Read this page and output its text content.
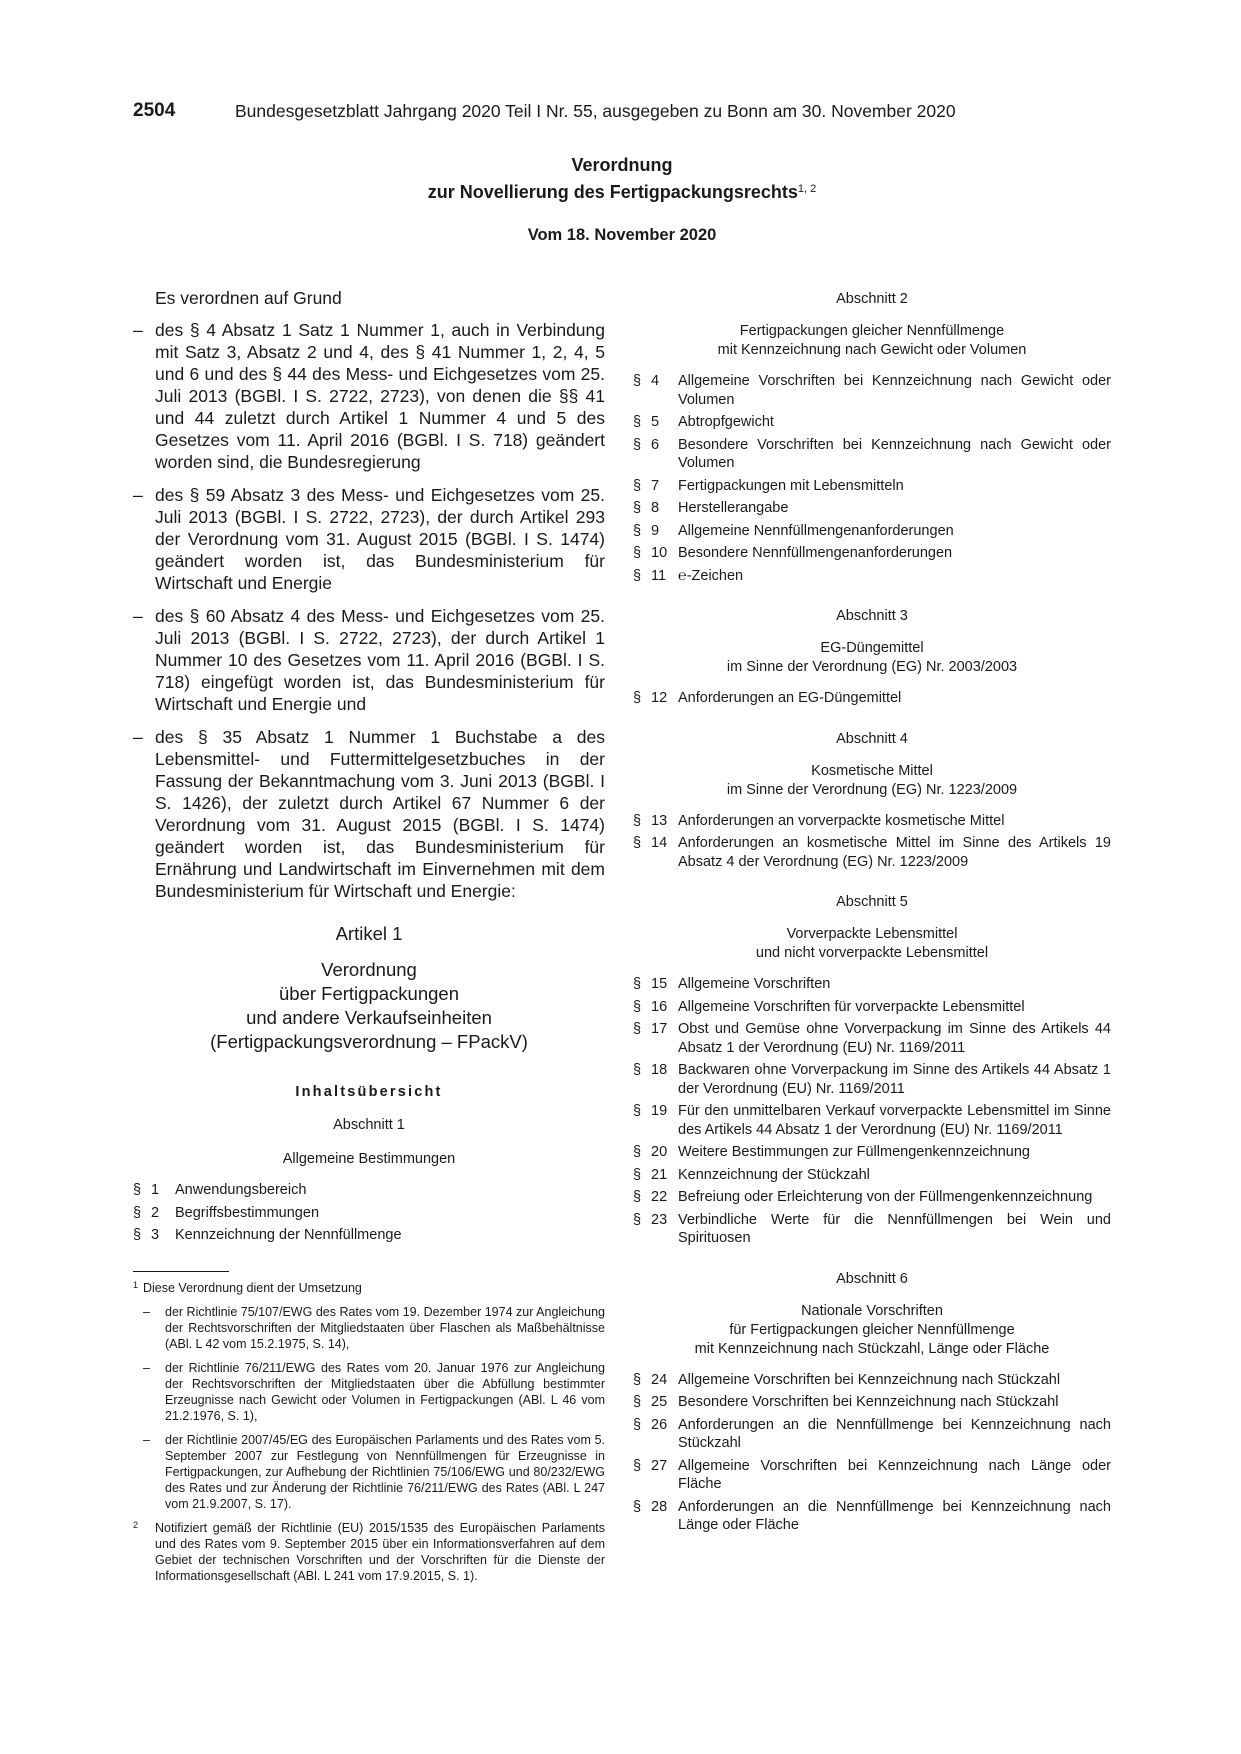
2504	Bundesgesetzblatt Jahrgang 2020 Teil I Nr. 55, ausgegeben zu Bonn am 30. November 2020
Verordnung
zur Novellierung des Fertigpackungsrechts$^{1, 2}$
Vom 18. November 2020
Es verordnen auf Grund
– des § 4 Absatz 1 Satz 1 Nummer 1, auch in Verbindung mit Satz 3, Absatz 2 und 4, des § 41 Nummer 1, 2, 4, 5 und 6 und des § 44 des Mess- und Eichgesetzes vom 25. Juli 2013 (BGBl. I S. 2722, 2723), von denen die §§ 41 und 44 zuletzt durch Artikel 1 Nummer 4 und 5 des Gesetzes vom 11. April 2016 (BGBl. I S. 718) geändert worden sind, die Bundesregierung
– des § 59 Absatz 3 des Mess- und Eichgesetzes vom 25. Juli 2013 (BGBl. I S. 2722, 2723), der durch Artikel 293 der Verordnung vom 31. August 2015 (BGBl. I S. 1474) geändert worden ist, das Bundesministerium für Wirtschaft und Energie
– des § 60 Absatz 4 des Mess- und Eichgesetzes vom 25. Juli 2013 (BGBl. I S. 2722, 2723), der durch Artikel 1 Nummer 10 des Gesetzes vom 11. April 2016 (BGBl. I S. 718) eingefügt worden ist, das Bundesministerium für Wirtschaft und Energie und
– des § 35 Absatz 1 Nummer 1 Buchstabe a des Lebensmittel- und Futtermittelgesetzbuches in der Fassung der Bekanntmachung vom 3. Juni 2013 (BGBl. I S. 1426), der zuletzt durch Artikel 67 Nummer 6 der Verordnung vom 31. August 2015 (BGBl. I S. 1474) geändert worden ist, das Bundesministerium für Ernährung und Landwirtschaft im Einvernehmen mit dem Bundesministerium für Wirtschaft und Energie:
Artikel 1
Verordnung
über Fertigpackungen
und andere Verkaufseinheiten
(Fertigpackungsverordnung – FPackV)
Inhaltsübersicht
Abschnitt 1
Allgemeine Bestimmungen
§ 1	Anwendungsbereich
§ 2	Begriffsbestimmungen
§ 3	Kennzeichnung der Nennfüllmenge
1 Diese Verordnung dient der Umsetzung
– der Richtlinie 75/107/EWG des Rates vom 19. Dezember 1974 zur Angleichung der Rechtsvorschriften der Mitgliedstaaten über Flaschen als Maßbehältnisse (ABl. L 42 vom 15.2.1975, S. 14),
– der Richtlinie 76/211/EWG des Rates vom 20. Januar 1976 zur Angleichung der Rechtsvorschriften der Mitgliedstaaten über die Abfüllung bestimmter Erzeugnisse nach Gewicht oder Volumen in Fertigpackungen (ABl. L 46 vom 21.2.1976, S. 1),
– der Richtlinie 2007/45/EG des Europäischen Parlaments und des Rates vom 5. September 2007 zur Festlegung von Nennfüllmengen für Erzeugnisse in Fertigpackungen, zur Aufhebung der Richtlinien 75/106/EWG und 80/232/EWG des Rates und zur Änderung der Richtlinie 76/211/EWG des Rates (ABl. L 247 vom 21.9.2007, S. 17).
2 Notifiziert gemäß der Richtlinie (EU) 2015/1535 des Europäischen Parlaments und des Rates vom 9. September 2015 über ein Informationsverfahren auf dem Gebiet der technischen Vorschriften und der Vorschriften für die Dienste der Informationsgesellschaft (ABl. L 241 vom 17.9.2015, S. 1).
Abschnitt 2
Fertigpackungen gleicher Nennfüllmenge
mit Kennzeichnung nach Gewicht oder Volumen
§ 4	Allgemeine Vorschriften bei Kennzeichnung nach Gewicht oder Volumen
§ 5	Abtropfgewicht
§ 6	Besondere Vorschriften bei Kennzeichnung nach Gewicht oder Volumen
§ 7	Fertigpackungen mit Lebensmitteln
§ 8	Herstellerangabe
§ 9	Allgemeine Nennfüllmengenanforderungen
§ 10 Besondere Nennfüllmengenanforderungen
§ 11 ℮-Zeichen
Abschnitt 3
EG-Düngemittel
im Sinne der Verordnung (EG) Nr. 2003/2003
§ 12 Anforderungen an EG-Düngemittel
Abschnitt 4
Kosmetische Mittel
im Sinne der Verordnung (EG) Nr. 1223/2009
§ 13 Anforderungen an vorverpackte kosmetische Mittel
§ 14 Anforderungen an kosmetische Mittel im Sinne des Artikels 19 Absatz 4 der Verordnung (EG) Nr. 1223/2009
Abschnitt 5
Vorverpackte Lebensmittel
und nicht vorverpackte Lebensmittel
§ 15 Allgemeine Vorschriften
§ 16 Allgemeine Vorschriften für vorverpackte Lebensmittel
§ 17 Obst und Gemüse ohne Vorverpackung im Sinne des Artikels 44 Absatz 1 der Verordnung (EU) Nr. 1169/2011
§ 18 Backwaren ohne Vorverpackung im Sinne des Artikels 44 Absatz 1 der Verordnung (EU) Nr. 1169/2011
§ 19 Für den unmittelbaren Verkauf vorverpackte Lebensmittel im Sinne des Artikels 44 Absatz 1 der Verordnung (EU) Nr. 1169/2011
§ 20 Weitere Bestimmungen zur Füllmengenkennzeichnung
§ 21 Kennzeichnung der Stückzahl
§ 22 Befreiung oder Erleichterung von der Füllmengenkennzeichnung
§ 23 Verbindliche Werte für die Nennfüllmengen bei Wein und Spirituosen
Abschnitt 6
Nationale Vorschriften
für Fertigpackungen gleicher Nennfüllmenge
mit Kennzeichnung nach Stückzahl, Länge oder Fläche
§ 24 Allgemeine Vorschriften bei Kennzeichnung nach Stückzahl
§ 25 Besondere Vorschriften bei Kennzeichnung nach Stückzahl
§ 26 Anforderungen an die Nennfüllmenge bei Kennzeichnung nach Stückzahl
§ 27 Allgemeine Vorschriften bei Kennzeichnung nach Länge oder Fläche
§ 28 Anforderungen an die Nennfüllmenge bei Kennzeichnung nach Länge oder Fläche
